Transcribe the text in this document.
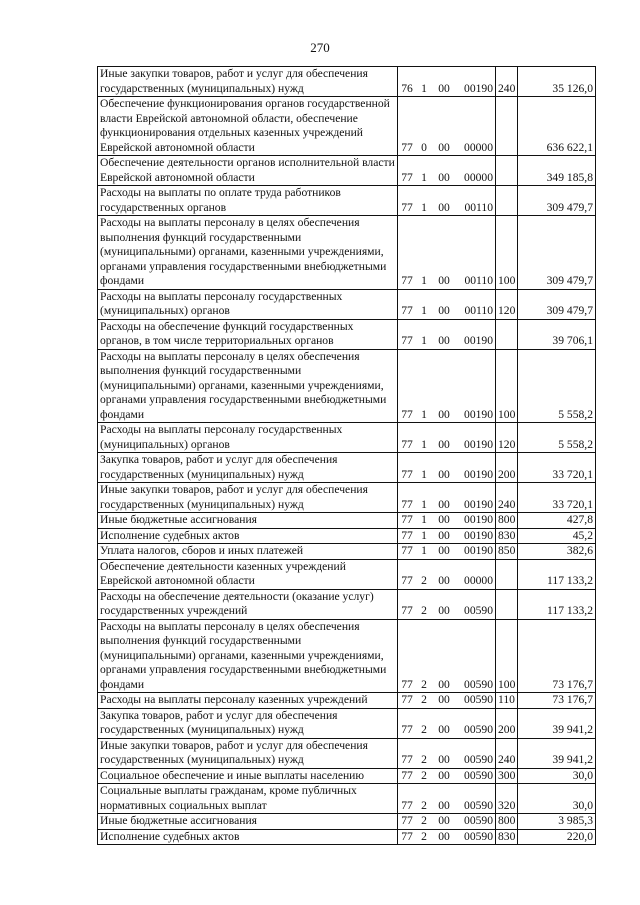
270
Иные закупки товаров, работ и услуг для обеспечения государственных (муниципальных) нужд	76 1 00 00190	240	35 126,0
Обеспечение функционирования органов государственной власти Еврейской автономной области, обеспечение функционирования отдельных казенных учреждений Еврейской автономной области	77 0 00 00000		636 622,1
Обеспечение деятельности органов исполнительной власти Еврейской автономной области	77 1 00 00000		349 185,8
Расходы на выплаты по оплате труда работников государственных органов	77 1 00 00110		309 479,7
Расходы на выплаты персоналу в целях обеспечения выполнения функций государственными (муниципальными) органами, казенными учреждениями, органами управления государственными внебюджетными фондами	77 1 00 00110	100	309 479,7
Расходы на выплаты персоналу государственных (муниципальных) органов	77 1 00 00110	120	309 479,7
Расходы на обеспечение функций государственных органов, в том числе территориальных органов	77 1 00 00190		39 706,1
Расходы на выплаты персоналу в целях обеспечения выполнения функций государственными (муниципальными) органами, казенными учреждениями, органами управления государственными внебюджетными фондами	77 1 00 00190	100	5 558,2
Расходы на выплаты персоналу государственных (муниципальных) органов	77 1 00 00190	120	5 558,2
Закупка товаров, работ и услуг для обеспечения государственных (муниципальных) нужд	77 1 00 00190	200	33 720,1
Иные закупки товаров, работ и услуг для обеспечения государственных (муниципальных) нужд	77 1 00 00190	240	33 720,1
Иные бюджетные ассигнования	77 1 00 00190	800	427,8
Исполнение судебных актов	77 1 00 00190	830	45,2
Уплата налогов, сборов и иных платежей	77 1 00 00190	850	382,6
Обеспечение деятельности казенных учреждений Еврейской автономной области	77 2 00 00000		117 133,2
Расходы на обеспечение деятельности (оказание услуг) государственных учреждений	77 2 00 00590		117 133,2
Расходы на выплаты персоналу в целях обеспечения выполнения функций государственными (муниципальными) органами, казенными учреждениями, органами управления государственными внебюджетными фондами	77 2 00 00590	100	73 176,7
Расходы на выплаты персоналу казенных учреждений	77 2 00 00590	110	73 176,7
Закупка товаров, работ и услуг для обеспечения государственных (муниципальных) нужд	77 2 00 00590	200	39 941,2
Иные закупки товаров, работ и услуг для обеспечения государственных (муниципальных) нужд	77 2 00 00590	240	39 941,2
Социальное обеспечение и иные выплаты населению	77 2 00 00590	300	30,0
Социальные выплаты гражданам, кроме публичных нормативных социальных выплат	77 2 00 00590	320	30,0
Иные бюджетные ассигнования	77 2 00 00590	800	3 985,3
Исполнение судебных актов	77 2 00 00590	830	220,0
